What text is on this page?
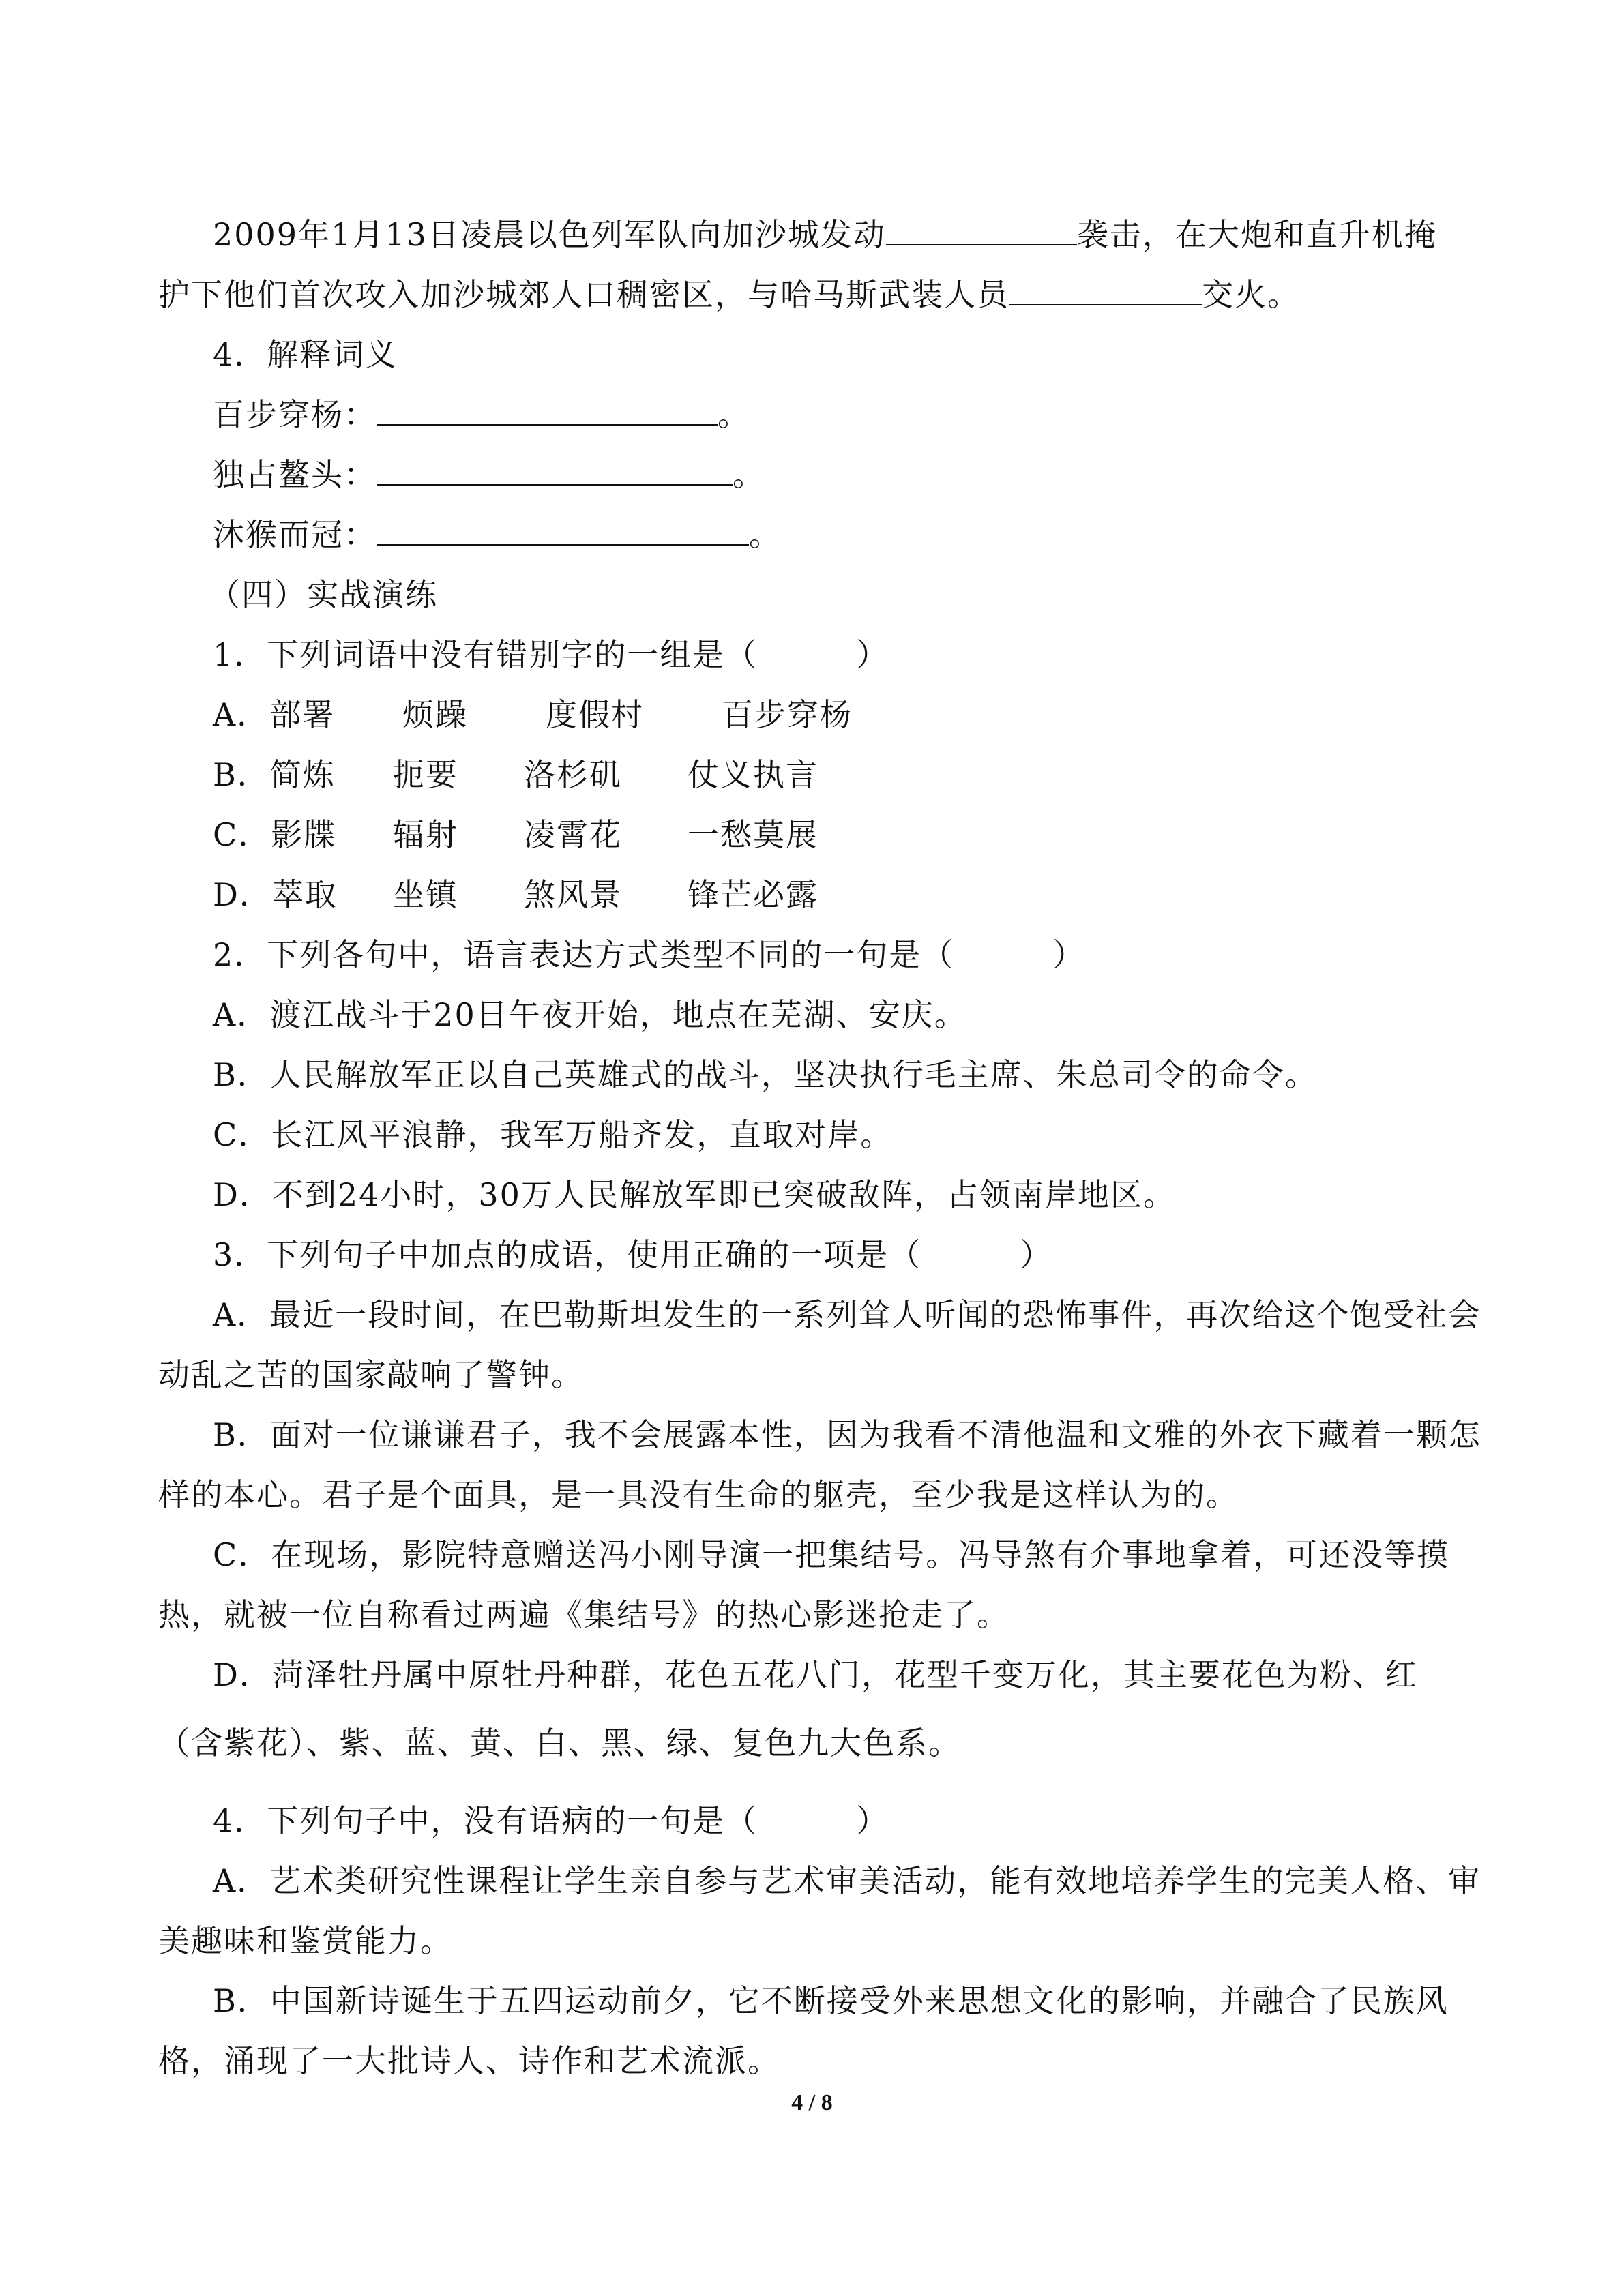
2009年1月13日凌晨以色列军队向加沙城发动	袭击，在大炮和直升机掩
护下他们首次攻入加沙城郊人口稠密区，与哈马斯武装人员	交火。
4．解释词义
百步穿杨：	。
独占鳌头：	。
沐猴而冠：	。
（四）实战演练
1．下列词语中没有错别字的一组是（　　　）
A．部署 烦躁 度假村 百步穿杨
B．简炼 扼要 洛杉矶 仗义执言
C．影牒 辐射 凌霄花 一愁莫展
D．萃取 坐镇 煞风景 锋芒必露
2．下列各句中，语言表达方式类型不同的一句是（　　　）
A．渡江战斗于20日午夜开始，地点在芜湖、安庆。
B．人民解放军正以自己英雄式的战斗，坚决执行毛主席、朱总司令的命令。
C．长江风平浪静，我军万船齐发，直取对岸。
D．不到24小时，30万人民解放军即已突破敌阵，占领南岸地区。
3．下列句子中加点的成语，使用正确的一项是（　　　）
A．最近一段时间，在巴勒斯坦发生的一系列耸人听闻的恐怖事件，再次给这个饱受社会
动乱之苦的国家敲响了警钟。
B．面对一位谦谦君子，我不会展露本性，因为我看不清他温和文雅的外衣下藏着一颗怎
样的本心。君子是个面具，是一具没有生命的躯壳，至少我是这样认为的。
C．在现场，影院特意赠送冯小刚导演一把集结号。冯导煞有介事地拿着，可还没等摸
热，就被一位自称看过两遍《集结号》的热心影迷抢走了。
D．菏泽牡丹属中原牡丹种群，花色五花八门，花型千变万化，其主要花色为粉、红
（含紫花）、紫、蓝、黄、白、黑、绿、复色九大色系。
4．下列句子中，没有语病的一句是（　　　）
A．艺术类研究性课程让学生亲自参与艺术审美活动，能有效地培养学生的完美人格、审
美趣味和鉴赏能力。
B．中国新诗诞生于五四运动前夕，它不断接受外来思想文化的影响，并融合了民族风
格，涌现了一大批诗人、诗作和艺术流派。
4 / 8
